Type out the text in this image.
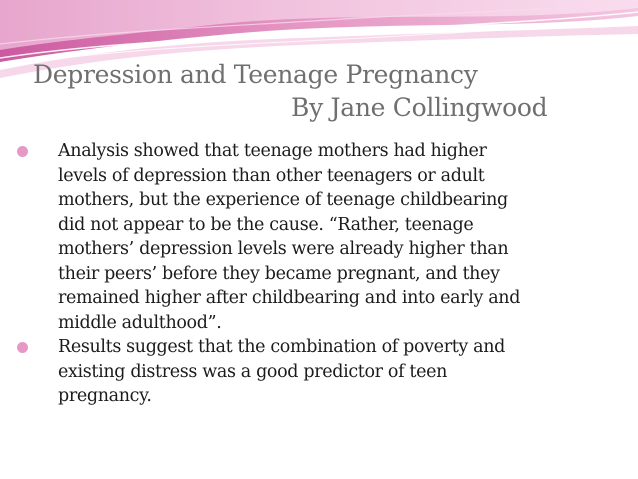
Depression and Teenage Pregnancy
By Jane Collingwood
Analysis showed that teenage mothers had higher
levels of depression than other teenagers or adult
mothers, but the experience of teenage childbearing
did not appear to be the cause. “Rather, teenage
mothers’ depression levels were already higher than
their peers’ before they became pregnant, and they
remained higher after childbearing and into early and
middle adulthood”.
Results suggest that the combination of poverty and
existing distress was a good predictor of teen
pregnancy.
